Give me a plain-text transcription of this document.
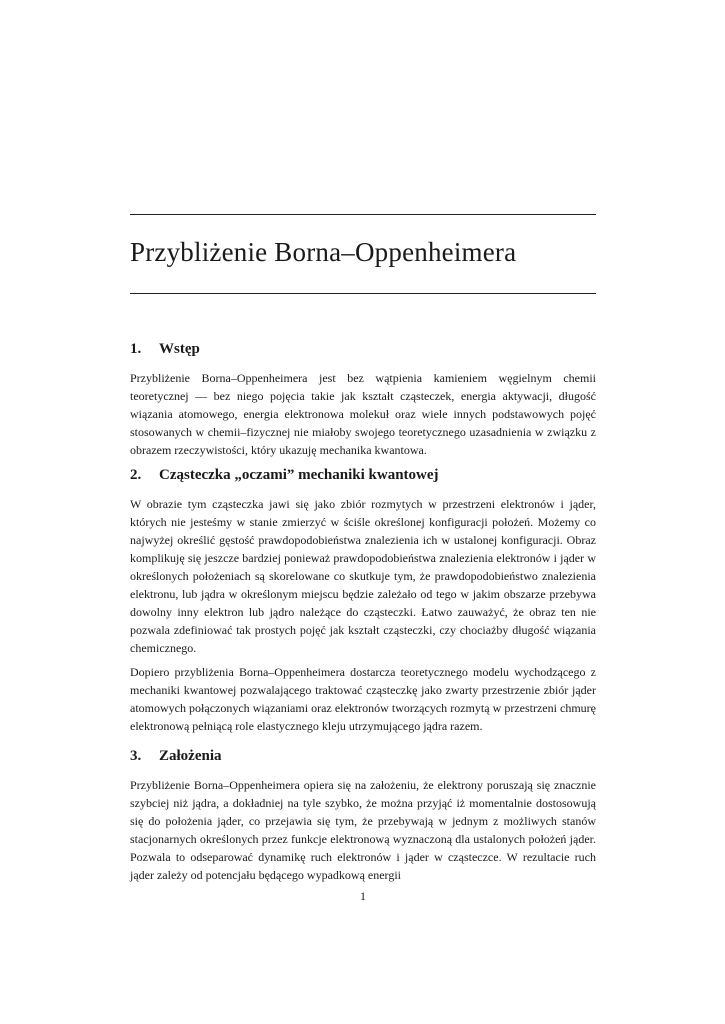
Przybliżenie Borna–Oppenheimera
1.	Wstęp

Przybliżenie Borna–Oppenheimera jest bez wątpienia kamieniem węgielnym chemii teoretycznej — bez niego pojęcia takie jak kształt cząsteczek, energia aktywacji, długość wiązania atomowego, energia elektronowa molekuł oraz wiele innych podstawowych pojęć stosowanych w chemii–fizycznej nie miałoby swojego teoretycznego uzasadnienia w związku z obrazem rzeczywistości, który ukazuję mechanika kwantowa.

2.	Cząsteczka „oczami” mechaniki kwantowej

W obrazie tym cząsteczka jawi się jako zbiór rozmytych w przestrzeni elektronów i jąder, których nie jesteśmy w stanie zmierzyć w ściśle określonej konfiguracji położeń. Możemy co najwyżej określić gęstość prawdopodobieństwa znalezienia ich w ustalonej konfiguracji. Obraz komplikuję się jeszcze bardziej ponieważ prawdopodobieństwa znalezienia elektronów i jąder w określonych położeniach są skorelowane co skutkuje tym, że prawdopodobieństwo znalezienia elektronu, lub jądra w określonym miejscu będzie zależało od tego w jakim obszarze przebywa dowolny inny elektron lub jądro należące do cząsteczki. Łatwo zauważyć, że obraz ten nie pozwala zdefiniować tak prostych pojęć jak kształt cząsteczki, czy chociażby długość wiązania chemicznego.

Dopiero przybliżenia Borna–Oppenheimera dostarcza teoretycznego modelu wychodzącego z mechaniki kwantowej pozwalającego traktować cząsteczkę jako zwarty przestrzenie zbiór jąder atomowych połączonych wiązaniami oraz elektronów tworzących rozmytą w przestrzeni chmurę elektronową pełniącą role elastycznego kleju utrzymującego jądra razem.

3.	Założenia

Przybliżenie Borna–Oppenheimera opiera się na założeniu, że elektrony poruszają się znacznie szybciej niż jądra, a dokładniej na tyle szybko, że można przyjąć iż momentalnie dostosowują się do położenia jąder, co przejawia się tym, że przebywają w jednym z możliwych stanów stacjonarnych określonych przez funkcje elektronową wyznaczoną dla ustalonych położeń jąder. Pozwala to odseparować dynamikę ruch elektronów i jąder w cząsteczce. W rezultacie ruch jąder zależy od potencjału będącego wypadkową energii

1
